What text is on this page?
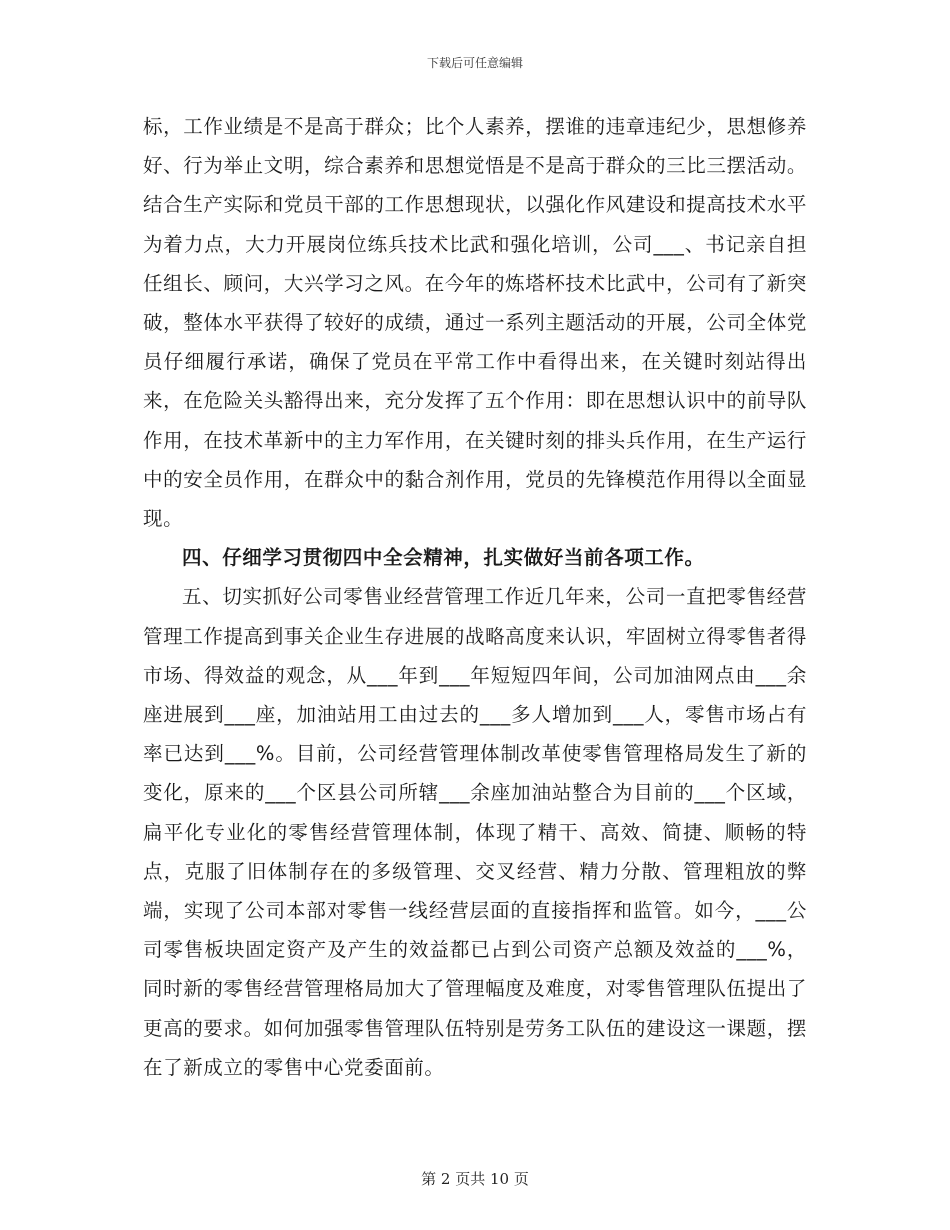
下载后可任意编辑

标，工作业绩是不是高于群众；比个人素养，摆谁的违章违纪少，思想修养好、行为举止文明，综合素养和思想觉悟是不是高于群众的三比三摆活动。结合生产实际和党员干部的工作思想现状，以强化作风建设和提高技术水平为着力点，大力开展岗位练兵技术比武和强化培训，公司___、书记亲自担任组长、顾问，大兴学习之风。在今年的炼塔杯技术比武中，公司有了新突破，整体水平获得了较好的成绩，通过一系列主题活动的开展，公司全体党员仔细履行承诺，确保了党员在平常工作中看得出来，在关键时刻站得出来，在危险关头豁得出来，充分发挥了五个作用：即在思想认识中的前导队作用，在技术革新中的主力军作用，在关键时刻的排头兵作用，在生产运行中的安全员作用，在群众中的黏合剂作用，党员的先锋模范作用得以全面显现。

四、仔细学习贯彻四中全会精神，扎实做好当前各项工作。

五、切实抓好公司零售业经营管理工作近几年来，公司一直把零售经营管理工作提高到事关企业生存进展的战略高度来认识，牢固树立得零售者得市场、得效益的观念，从___年到___年短短四年间，公司加油网点由___余座进展到___座，加油站用工由过去的___多人增加到___人，零售市场占有率已达到___%。目前，公司经营管理体制改革使零售管理格局发生了新的变化，原来的___个区县公司所辖___余座加油站整合为目前的___个区域，扁平化专业化的零售经营管理体制，体现了精干、高效、简捷、顺畅的特点，克服了旧体制存在的多级管理、交叉经营、精力分散、管理粗放的弊端，实现了公司本部对零售一线经营层面的直接指挥和监管。如今，___公司零售板块固定资产及产生的效益都已占到公司资产总额及效益的___%，同时新的零售经营管理格局加大了管理幅度及难度，对零售管理队伍提出了更高的要求。如何加强零售管理队伍特别是劳务工队伍的建设这一课题，摆在了新成立的零售中心党委面前。

第 2 页共 10 页
